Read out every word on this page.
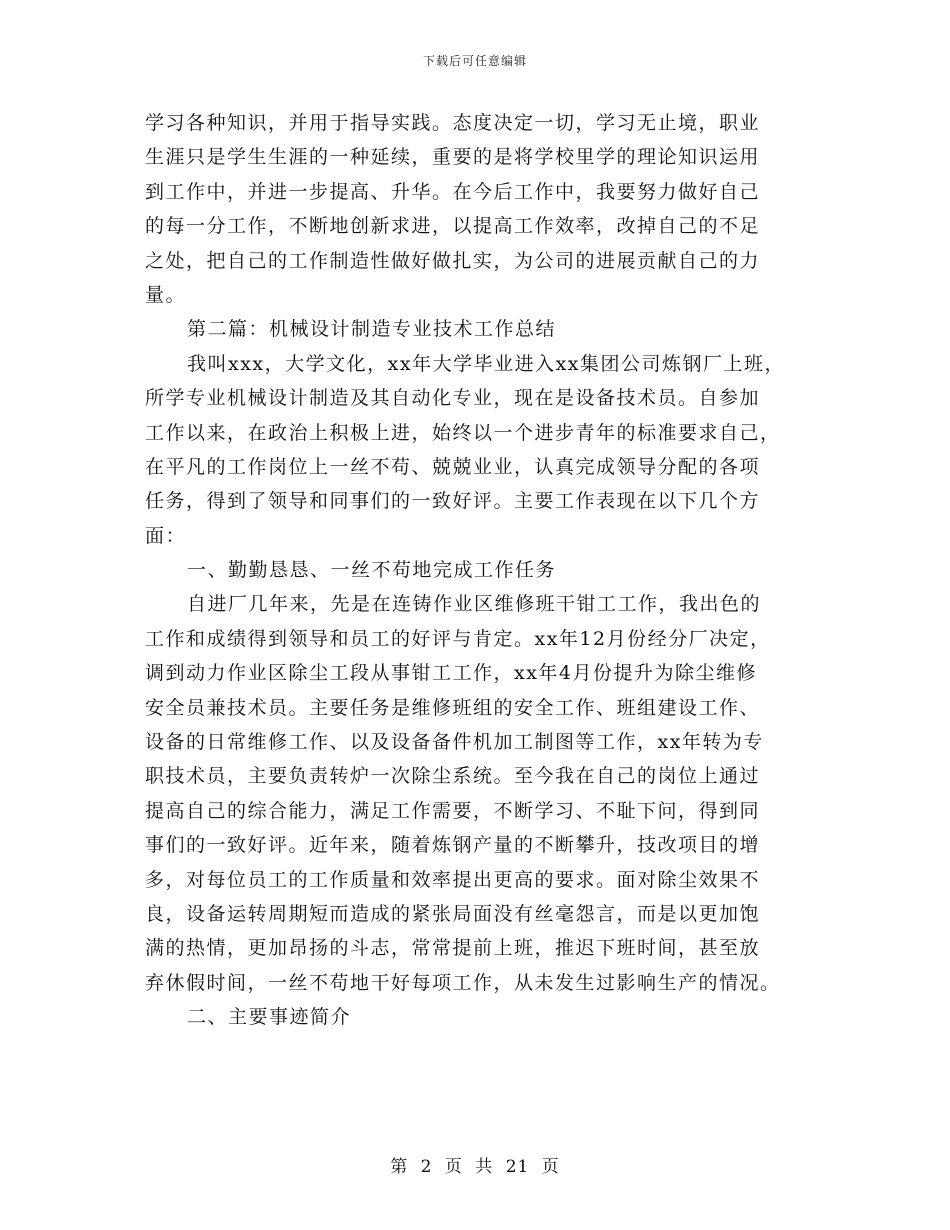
下载后可任意编辑
学习各种知识，并用于指导实践。态度决定一切，学习无止境，职业
生涯只是学生生涯的一种延续，重要的是将学校里学的理论知识运用
到工作中，并进一步提高、升华。在今后工作中，我要努力做好自己
的每一分工作，不断地创新求进，以提高工作效率，改掉自己的不足
之处，把自己的工作制造性做好做扎实，为公司的进展贡献自己的力
量。
第二篇：机械设计制造专业技术工作总结
我叫xxx，大学文化，xx年大学毕业进入xx集团公司炼钢厂上班，
所学专业机械设计制造及其自动化专业，现在是设备技术员。自参加
工作以来，在政治上积极上进，始终以一个进步青年的标准要求自己，
在平凡的工作岗位上一丝不苟、兢兢业业，认真完成领导分配的各项
任务，得到了领导和同事们的一致好评。主要工作表现在以下几个方
面：
一、勤勤恳恳、一丝不苟地完成工作任务
自进厂几年来，先是在连铸作业区维修班干钳工工作，我出色的
工作和成绩得到领导和员工的好评与肯定。xx年12月份经分厂决定，
调到动力作业区除尘工段从事钳工工作，xx年4月份提升为除尘维修
安全员兼技术员。主要任务是维修班组的安全工作、班组建设工作、
设备的日常维修工作、以及设备备件机加工制图等工作，xx年转为专
职技术员，主要负责转炉一次除尘系统。至今我在自己的岗位上通过
提高自己的综合能力，满足工作需要，不断学习、不耻下问，得到同
事们的一致好评。近年来，随着炼钢产量的不断攀升，技改项目的增
多，对每位员工的工作质量和效率提出更高的要求。面对除尘效果不
良，设备运转周期短而造成的紧张局面没有丝毫怨言，而是以更加饱
满的热情，更加昂扬的斗志，常常提前上班，推迟下班时间，甚至放
弃休假时间，一丝不苟地干好每项工作，从未发生过影响生产的情况。
二、主要事迹简介
第 2 页 共 21 页
